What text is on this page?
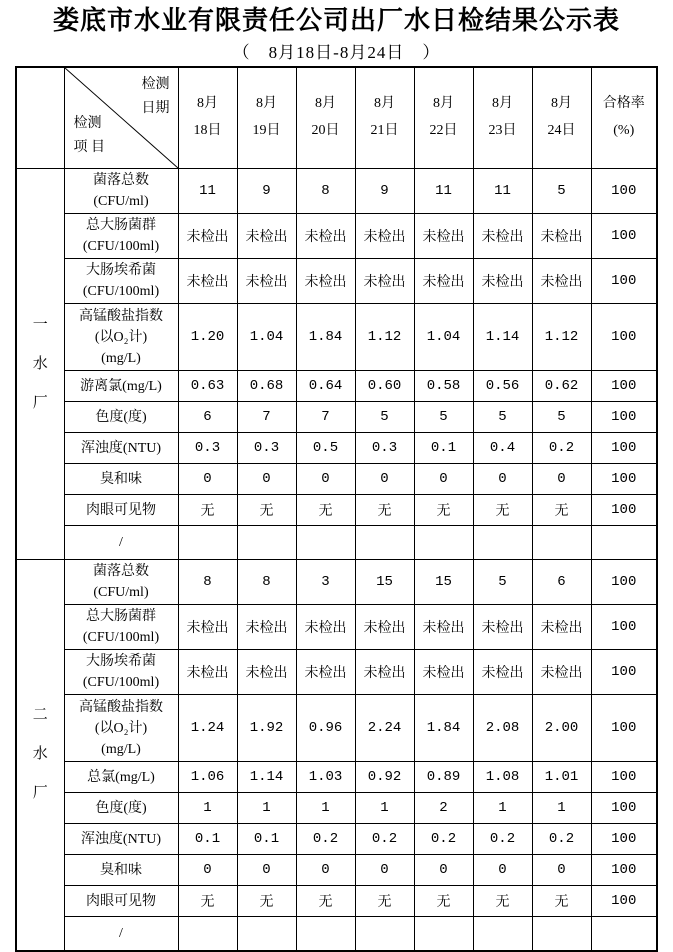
娄底市水业有限责任公司出厂水日检结果公示表
（　8月18日-8月24日　）

检测
日期
检测
项 目

8月
18日

8月
19日

8月
20日

8月
21日

8月
22日

8月
23日

8月
24日

合格率
(%)

一
水
厂

菌落总数
(CFU/ml)
	11	9	8	9	11	11	5	100

	总大肠菌群
(CFU/100ml)	未检出	未检出	未检出	未检出	未检出	未检出	未检出	100

	大肠埃希菌
(CFU/100ml)	未检出	未检出	未检出	未检出	未检出	未检出	未检出	100

	高锰酸盐指数
(以O₂计)
(mg/L)	1.20	1.04	1.84	1.12	1.04	1.14	1.12	100

	游离氯(mg/L)	0.63	0.68	0.64	0.60	0.58	0.56	0.62	100

	色度(度)	6	7	7	5	5	5	5	100

	浑浊度(NTU)	0.3	0.3	0.5	0.3	0.1	0.4	0.2	100

	臭和味	0	0	0	0	0	0	0	100

	肉眼可见物	无	无	无	无	无	无	无	100

	/								

二
水
厂

菌落总数
(CFU/ml)
	8	8	3	15	15	5	6	100

	总大肠菌群
(CFU/100ml)	未检出	未检出	未检出	未检出	未检出	未检出	未检出	100

	大肠埃希菌
(CFU/100ml)	未检出	未检出	未检出	未检出	未检出	未检出	未检出	100

	高锰酸盐指数
(以O₂计)
(mg/L)	1.24	1.92	0.96	2.24	1.84	2.08	2.00	100

	总氯(mg/L)	1.06	1.14	1.03	0.92	0.89	1.08	1.01	100

	色度(度)	1	1	1	1	2	1	1	100

	浑浊度(NTU)	0.1	0.1	0.2	0.2	0.2	0.2	0.2	100

	臭和味	0	0	0	0	0	0	0	100

	肉眼可见物	无	无	无	无	无	无	无	100

	/								
